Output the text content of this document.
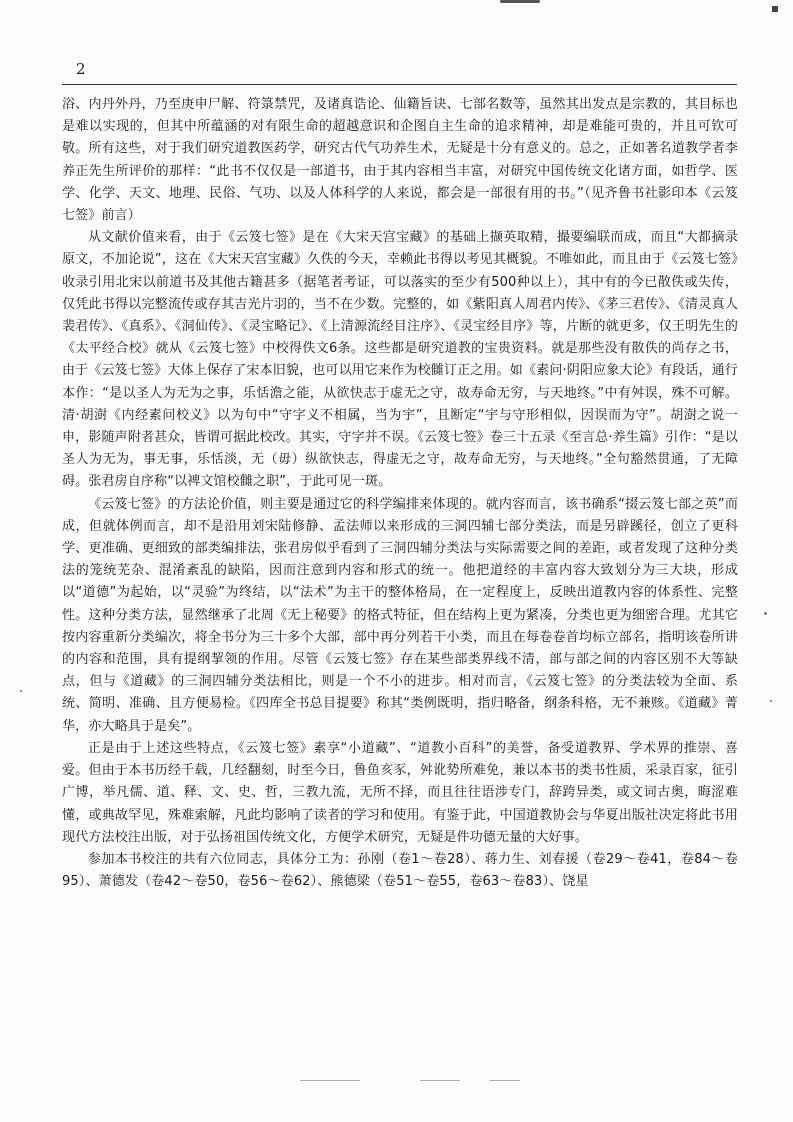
2

浴、内丹外丹，乃至庚申尸解、符箓禁咒，及诸真诰论、仙籍旨诀、七部名数等，虽然其出发点是宗教的，其目标也是难以实现的，但其中所蕴涵的对有限生命的超越意识和企图自主生命的追求精神，却是难能可贵的，并且可钦可敬。所有这些，对于我们研究道教医药学，研究古代气功养生术，无疑是十分有意义的。总之，正如著名道教学者李养正先生所评价的那样：“此书不仅仅是一部道书，由于其内容相当丰富，对研究中国传统文化诸方面，如哲学、医学、化学、天文、地理、民俗、气功、以及人体科学的人来说，都会是一部很有用的书。”（见齐鲁书社影印本《云笈七签》前言）

从文献价值来看，由于《云笈七签》是在《大宋天宫宝藏》的基础上撷英取精，撮要编联而成，而且“大都摘录原文，不加论说”，这在《大宋天宫宝藏》久佚的今天，幸赖此书得以考见其概貌。不唯如此，而且由于《云笈七签》收录引用北宋以前道书及其他古籍甚多（据笔者考证，可以落实的至少有500种以上），其中有的今已散佚或失传，仅凭此书得以完整流传或存其吉光片羽的，当不在少数。完整的，如《紫阳真人周君内传》、《茅三君传》、《清灵真人裴君传》、《真系》、《洞仙传》、《灵宝略记》、《上清源流经目注序》、《灵宝经目序》等，片断的就更多，仅王明先生的《太平经合校》就从《云笈七签》中校得佚文6条。这些都是研究道教的宝贵资料。就是那些没有散佚的尚存之书，由于《云笈七签》大体上保存了宋本旧貌，也可以用它来作为校雠订正之用。如《素问·阴阳应象大论》有段话，通行本作：“是以圣人为无为之事，乐恬澹之能，从欲快志于虚无之守，故寿命无穷，与天地终。”中有舛误，殊不可解。清·胡澍《内经素问校义》以为句中“守字义不相属，当为宇”，且断定“宇与守形相似，因误而为守”。胡澍之说一申，影随声附者甚众，皆谓可据此校改。其实，守字并不误。《云笈七签》卷三十五录《至言总·养生篇》引作：“是以圣人为无为，事无事，乐恬淡，无（毋）纵欲快志，得虚无之守，故寿命无穷，与天地终。”全句豁然贯通，了无障碍。张君房自序称“以裨文馆校雠之职”，于此可见一斑。

《云笈七签》的方法论价值，则主要是通过它的科学编排来体现的。就内容而言，该书确系“掇云笈七部之英”而成，但就体例而言，却不是沿用刘宋陆修静、孟法师以来形成的三洞四辅七部分类法，而是另辟蹊径，创立了更科学、更准确、更细致的部类编排法，张君房似乎看到了三洞四辅分类法与实际需要之间的差距，或者发现了这种分类法的笼统芜杂、混淆紊乱的缺陷，因而注意到内容和形式的统一。他把道经的丰富内容大致划分为三大块，形成以“道德”为起始，以“灵验”为终结，以“法术”为主干的整体格局，在一定程度上，反映出道教内容的体系性、完整性。这种分类方法，显然继承了北周《无上秘要》的格式特征，但在结构上更为紧凑，分类也更为细密合理。尤其它按内容重新分类编次，将全书分为三十多个大部，部中再分列若干小类，而且在每卷卷首均标立部名，指明该卷所讲的内容和范围，具有提纲挈领的作用。尽管《云笈七签》存在某些部类界线不清，部与部之间的内容区别不大等缺点，但与《道藏》的三洞四辅分类法相比，则是一个不小的进步。相对而言，《云笈七签》的分类法较为全面、系统、简明、准确、且方便易检。《四库全书总目提要》称其“类例既明，指归略备，纲条科格，无不兼赅。《道藏》菁华，亦大略具于是矣”。

正是由于上述这些特点，《云笈七签》素享“小道藏”、“道教小百科”的美誉，备受道教界、学术界的推崇、喜爱。但由于本书历经千载，几经翻刻，时至今日，鲁鱼亥豕，舛讹势所难免，兼以本书的类书性质，采录百家，征引广博，举凡儒、道、释、文、史、哲，三教九流，无所不择，而且往往语涉专门，辞跨异类，或文词古奥，晦涩难懂，或典故罕见，殊难索解，凡此均影响了读者的学习和使用。有鉴于此，中国道教协会与华夏出版社决定将此书用现代方法校注出版，对于弘扬祖国传统文化，方便学术研究，无疑是件功德无量的大好事。

参加本书校注的共有六位同志，具体分工为：孙刚（卷1～卷28）、蒋力生、刘春援（卷29～卷41，卷84～卷95）、萧德发（卷42～卷50，卷56～卷62）、熊德梁（卷51～卷55，卷63～卷83）、饶星
